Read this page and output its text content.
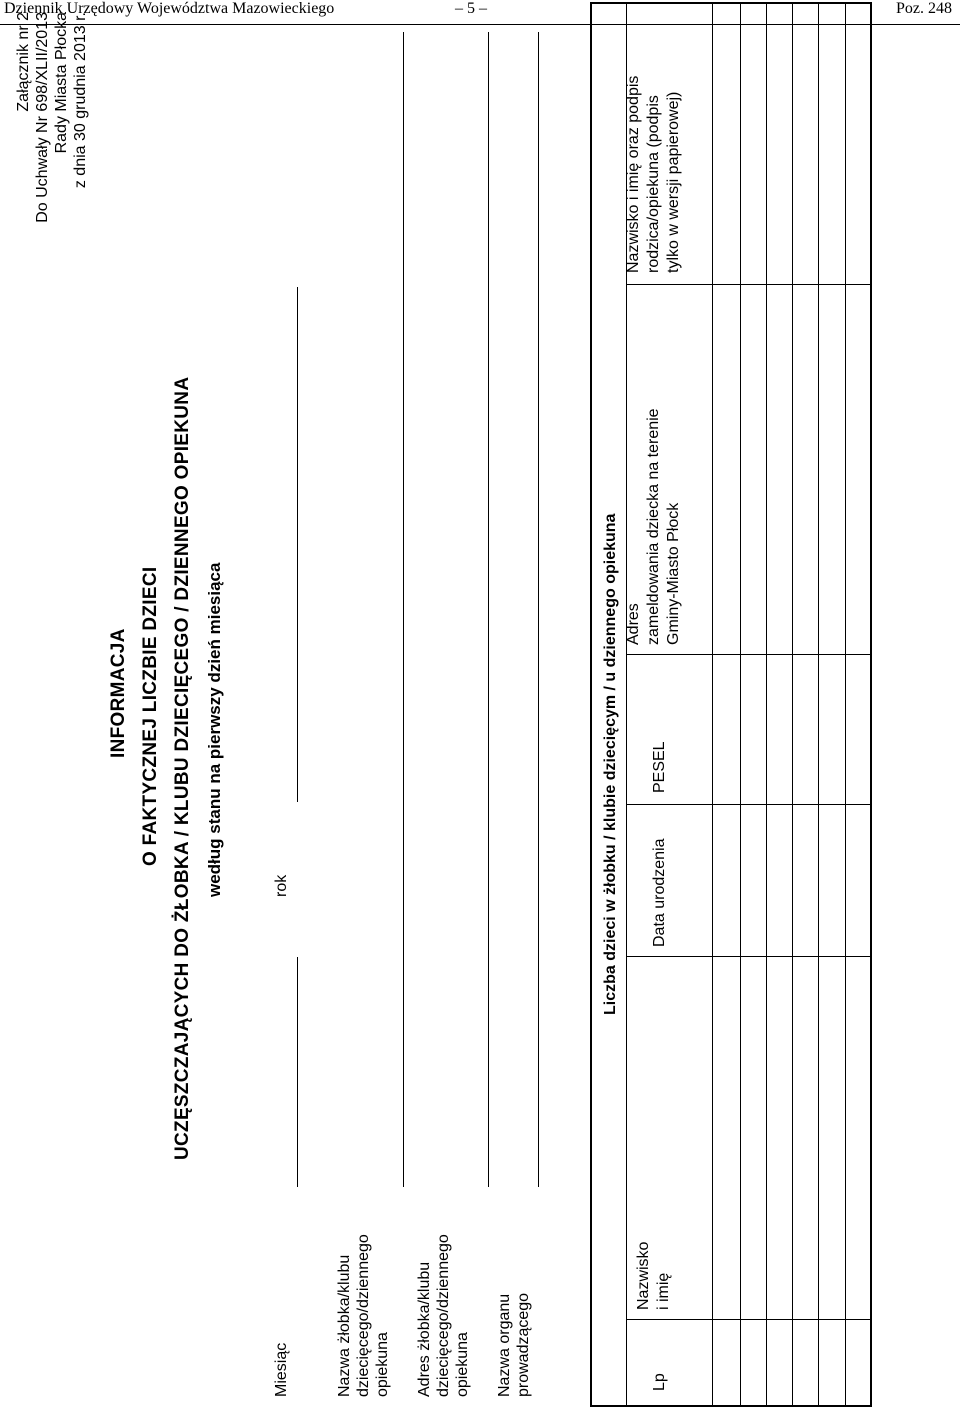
Dziennik Urzędowy Województwa Mazowieckiego	– 5 –	Poz. 248
Załącznik nr 2 Do Uchwały Nr 698/XLII/2013 Rady Miasta Płocka z dnia 30 grudnia 2013 r.
INFORMACJA O FAKTYCZNEJ LICZBIE DZIECI UCZĘSZCZAJĄCYCH DO ŻŁOBKA / KLUBU DZIECIĘCEGO / DZIENNEGO OPIEKUNA według stanu na pierwszy dzień miesiąca
Miesiąc
rok
Nazwa żłobka/klubu dziecięcego/dziennego opiekuna Adres żłobka/klubu dziecięcego/dziennego opiekuna Nazwa organu prowadzącego
Liczba dzieci w żłobku / klubie dziecięcym / u dziennego opiekuna
Lp
Nazwisko i imię
Data urodzenia
PESEL
Adres zameldowania dziecka na terenie Gminy-Miasto Płock
Nazwisko i imię oraz podpis rodzica/opiekuna (podpis tylko w wersji papierowej)
